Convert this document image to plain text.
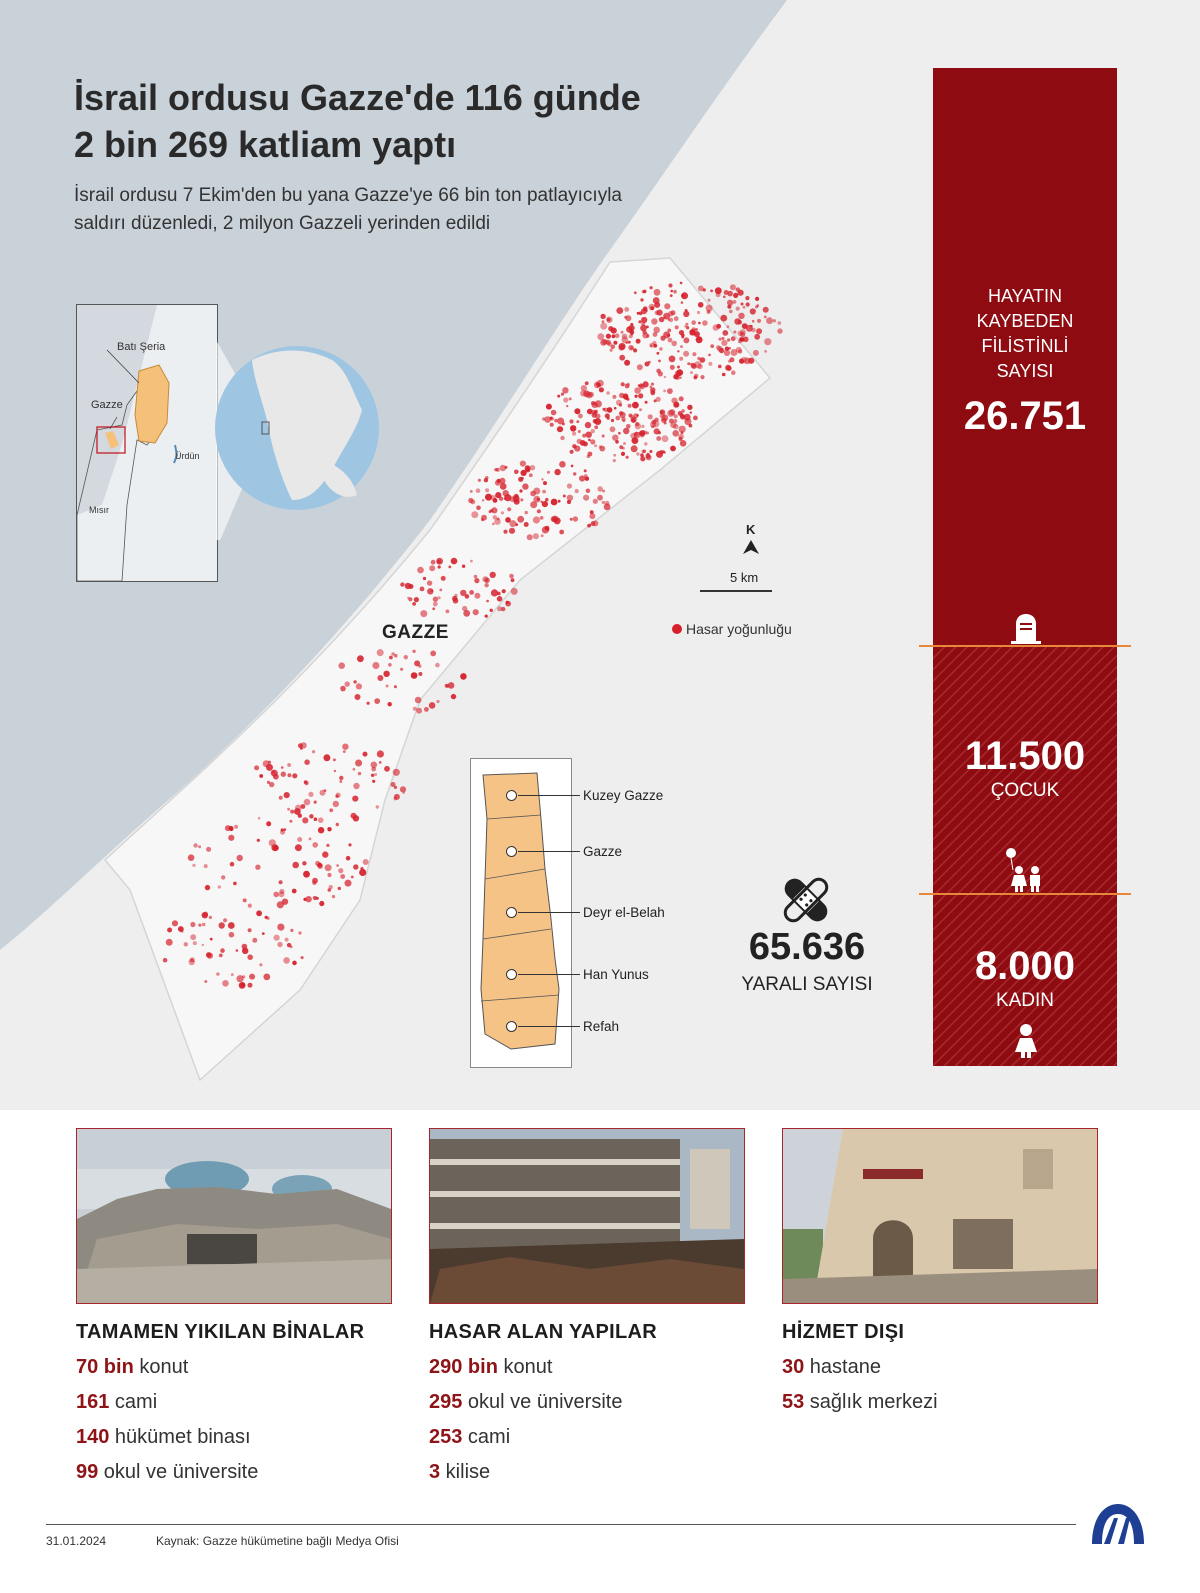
İsrail ordusu Gazze'de 116 günde
2 bin 269 katliam yaptı
İsrail ordusu 7 Ekim'den bu yana Gazze'ye 66 bin ton patlayıcıyla
saldırı düzenledi, 2 milyon Gazzeli yerinden edildi
Batı Şeria
Gazze
Ürdün
Mısır
GAZZE
K
5 km
Hasar yoğunluğu
Kuzey Gazze
Gazze
Deyr el-Belah
Han Yunus
Refah
65.636
YARALI SAYISI
HAYATIN
KAYBEDEN
FİLİSTİNLİ
SAYISI
26.751
11.500
ÇOCUK
8.000
KADIN
TAMAMEN YIKILAN BİNALAR
70 bin konut
161 cami
140 hükümet binası
99 okul ve üniversite
HASAR ALAN YAPILAR
290 bin konut
295 okul ve üniversite
253 cami
3 kilise
HİZMET DIŞI
30 hastane
53 sağlık merkezi
31.01.2024	Kaynak: Gazze hükümetine bağlı Medya Ofisi
